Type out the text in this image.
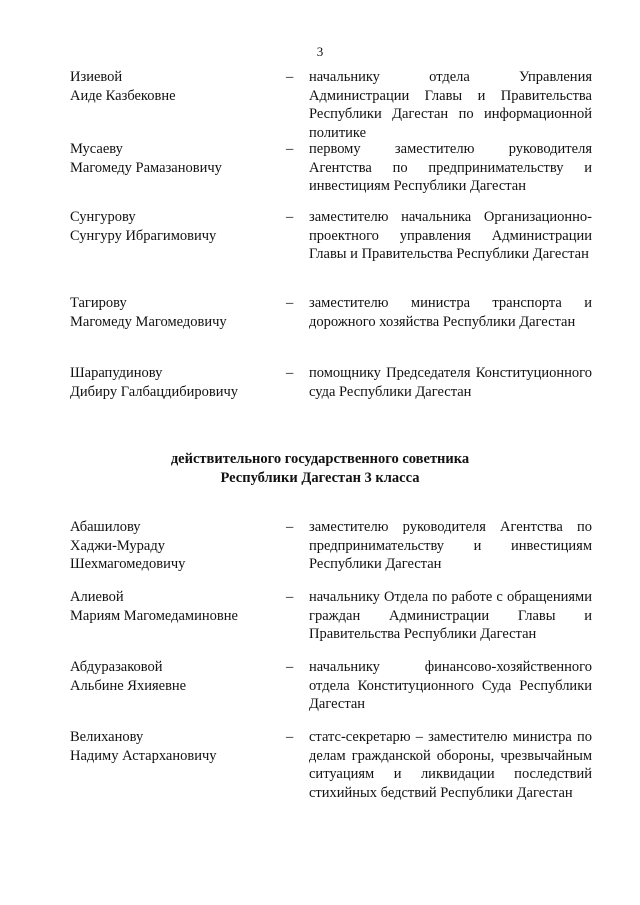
3
Изиевой
Аиде Казбековне
– начальнику отдела Управления Администрации Главы и Правительства Республики Дагестан по информационной политике
Мусаеву
Магомеду Рамазановичу
– первому заместителю руководителя Агентства по предпринимательству и инвестициям Республики Дагестан
Сунгурову
Сунгуру Ибрагимовичу
– заместителю начальника Организационно-проектного управления Администрации Главы и Правительства Республики Дагестан
Тагирову
Магомеду Магомедовичу
– заместителю министра транспорта и дорожного хозяйства Республики Дагестан
Шарапудинову
Дибиру Галбацдибировичу
– помощнику Председателя Конституционного суда Республики Дагестан
действительного государственного советника
Республики Дагестан 3 класса
Абашилову
Хаджи-Мураду
Шехмагомедовичу
– заместителю руководителя Агентства по предпринимательству и инвестициям Республики Дагестан
Алиевой
Мариям Магомедаминовне
– начальнику Отдела по работе с обращениями граждан Администрации Главы и Правительства Республики Дагестан
Абдуразаковой
Альбине Яхияевне
– начальнику финансово-хозяйственного отдела Конституционного Суда Республики Дагестан
Велиханову
Надиму Астархановичу
– статс-секретарю – заместителю министра по делам гражданской обороны, чрезвычайным ситуациям и ликвидации последствий стихийных бедствий Республики Дагестан
